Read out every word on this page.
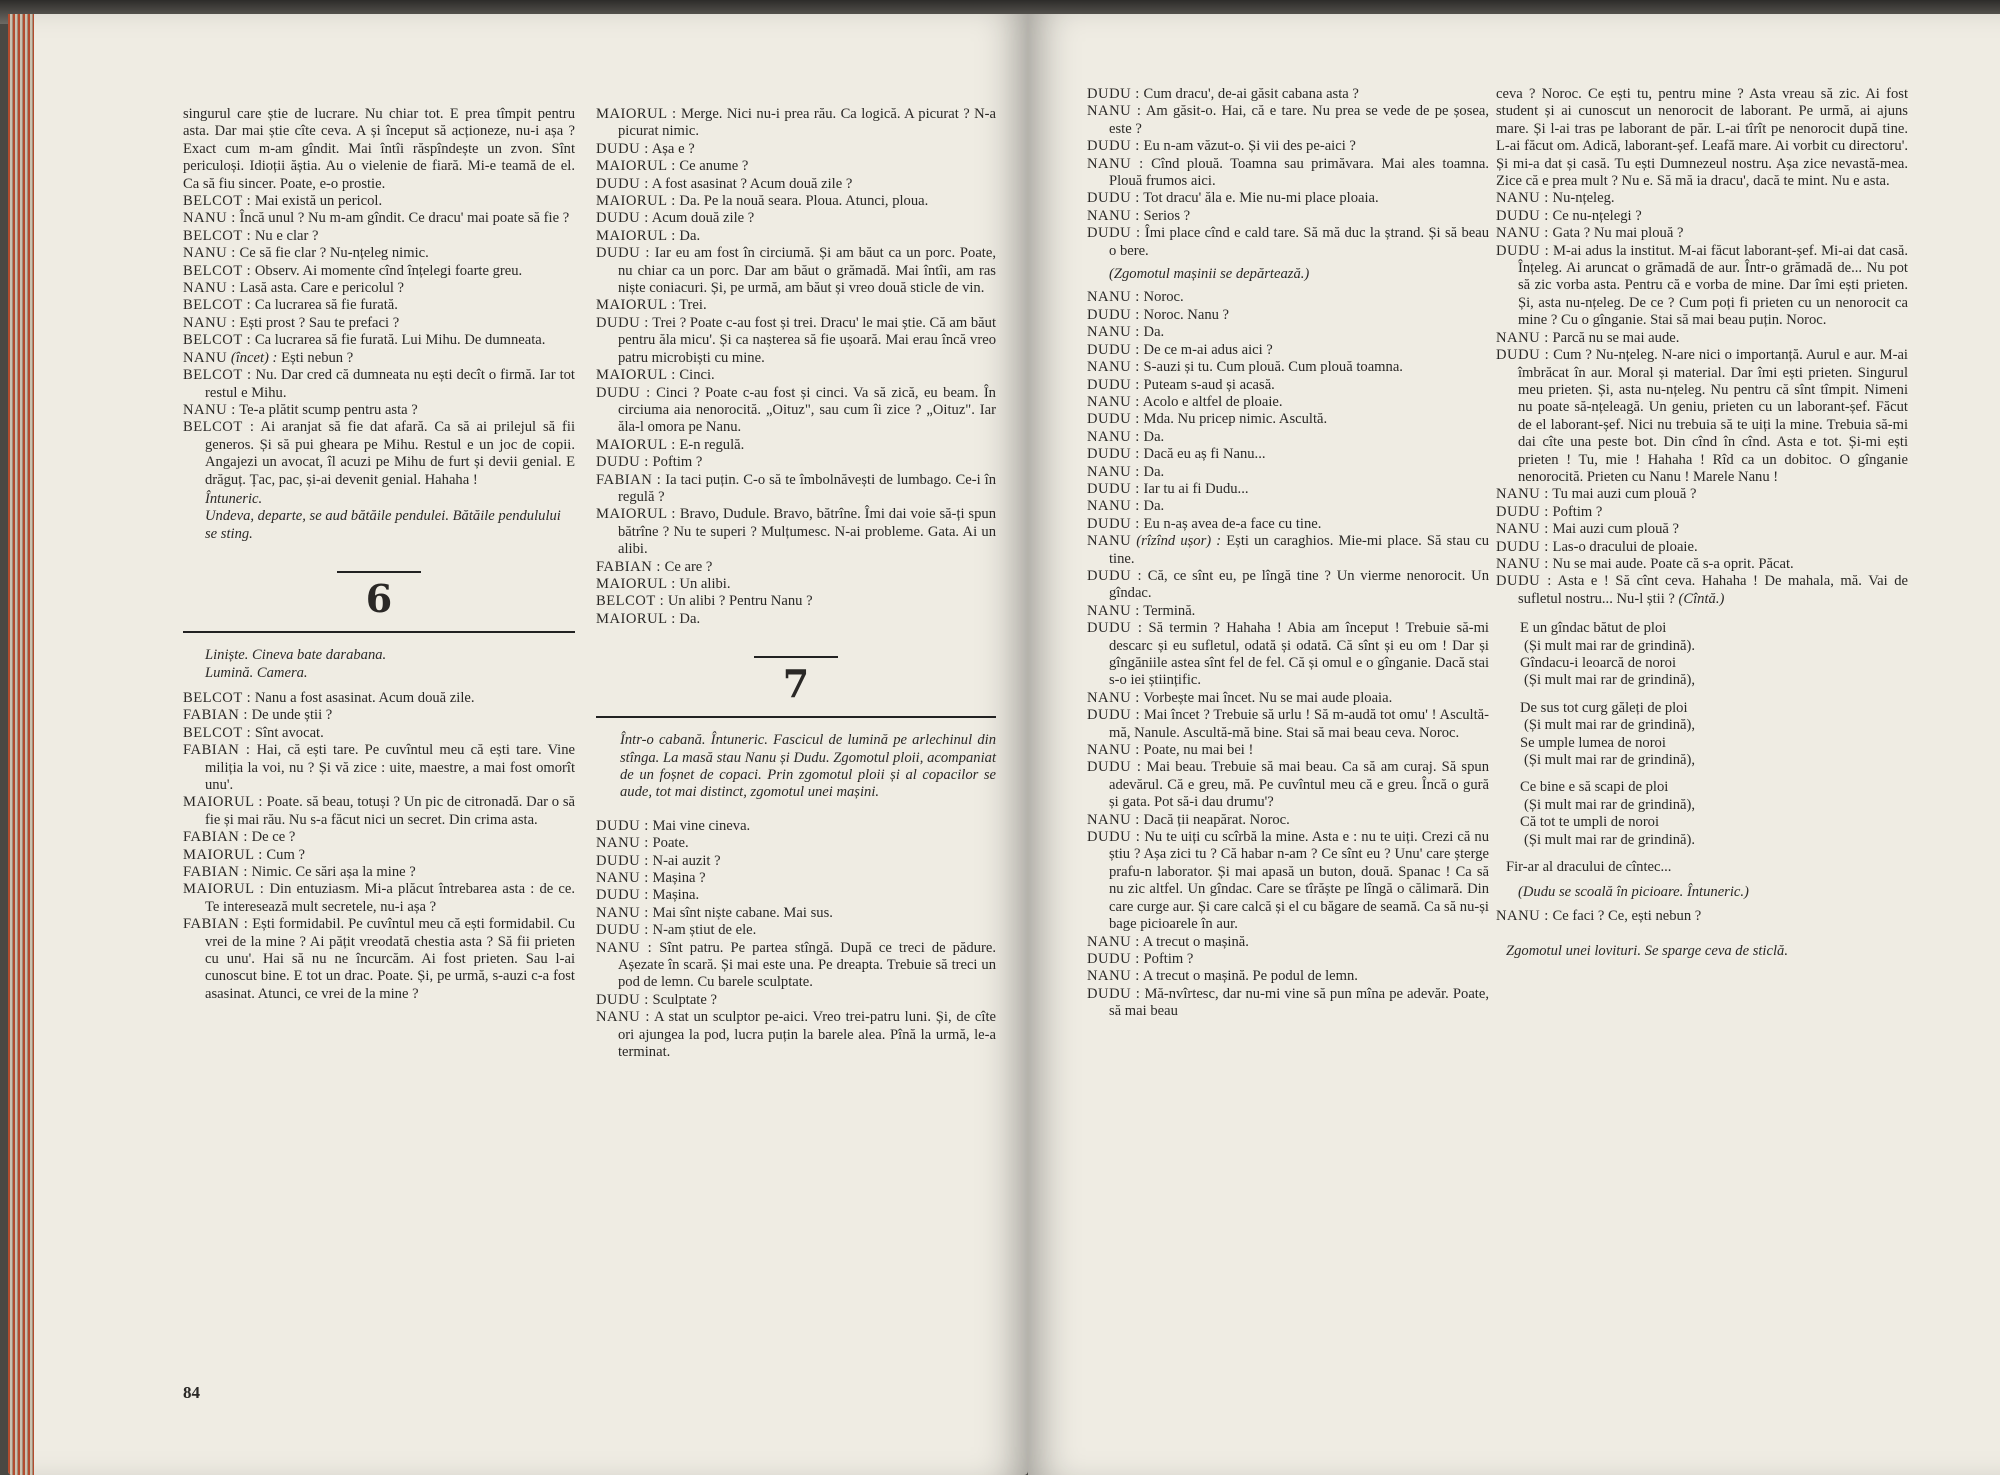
singurul care știe de lucrare. Nu chiar tot. E prea tîmpit pentru asta. Dar mai știe cîte ceva. A și început să acționeze, nu-i așa ? Exact cum m-am gîndit. Mai întîi răspîndește un zvon. Sînt periculoși. Idioții ăștia. Au o vielenie de fiară. Mi-e teamă de el. Ca să fiu sincer. Poate, e-o prostie.

BELCOT : Mai există un pericol.

NANU : Încă unul ? Nu m-am gîndit. Ce dracu' mai poate să fie ?

BELCOT : Nu e clar ?

NANU : Ce să fie clar ? Nu-nțeleg nimic.

BELCOT : Observ. Ai momente cînd înțelegi foarte greu.

NANU : Lasă asta. Care e pericolul ?

BELCOT : Ca lucrarea să fie furată.

NANU : Ești prost ? Sau te prefaci ?

BELCOT : Ca lucrarea să fie furată. Lui Mihu. De dumneata.

NANU (încet) : Ești nebun ?

BELCOT : Nu. Dar cred că dumneata nu ești decît o firmă. Iar tot restul e Mihu.

NANU : Te-a plătit scump pentru asta ?

BELCOT : Ai aranjat să fie dat afară. Ca să ai prilejul să fii generos. Și să pui gheara pe Mihu. Restul e un joc de copii. Angajezi un avocat, îl acuzi pe Mihu de furt și devii genial. E drăguț. Țac, pac, și-ai devenit genial. Hahaha !

Întuneric.

Undeva, departe, se aud bătăile pendulei. Bătăile pendulului se sting.

6

Liniște. Cineva bate darabana.

Lumină. Camera.

BELCOT : Nanu a fost asasinat. Acum două zile.

FABIAN : De unde știi ?

BELCOT : Sînt avocat.

FABIAN : Hai, că ești tare. Pe cuvîntul meu că ești tare. Vine miliția la voi, nu ? Și vă zice : uite, maestre, a mai fost omorît unu'.

MAIORUL : Poate. să beau, totuși ? Un pic de citronadă. Dar o să fie și mai rău. Nu s-a făcut nici un secret. Din crima asta.

FABIAN : De ce ?

MAIORUL : Cum ?

FABIAN : Nimic. Ce sări așa la mine ?

MAIORUL : Din entuziasm. Mi-a plăcut întrebarea asta : de ce. Te interesează mult secretele, nu-i așa ?

FABIAN : Ești formidabil. Pe cuvîntul meu că ești formidabil. Cu vrei de la mine ? Ai pățit vreodată chestia asta ? Să fii prieten cu unu'. Hai să nu ne încurcăm. Ai fost prieten. Sau l-ai cunoscut bine. E tot un drac. Poate. Și, pe urmă, s-auzi c-a fost asasinat. Atunci, ce vrei de la mine ?

MAIORUL : Merge. Nici nu-i prea rău. Ca logică. A picurat ? N-a picurat nimic.

DUDU : Așa e ?

MAIORUL : Ce anume ?

DUDU : A fost asasinat ? Acum două zile ?

MAIORUL : Da. Pe la nouă seara. Ploua. Atunci, ploua.

DUDU : Acum două zile ?

MAIORUL : Da.

DUDU : Iar eu am fost în circiumă. Și am băut ca un porc. Poate, nu chiar ca un porc. Dar am băut o grămadă. Mai întîi, am ras niște coniacuri. Și, pe urmă, am băut și vreo două sticle de vin.

MAIORUL : Trei.

DUDU : Trei ? Poate c-au fost și trei. Dracu' le mai știe. Că am băut pentru ăla micu'. Și ca nașterea să fie ușoară. Mai erau încă vreo patru microbiști cu mine.

MAIORUL : Cinci.

DUDU : Cinci ? Poate c-au fost și cinci. Va să zică, eu beam. În circiuma aia nenorocită. „Oituz", sau cum îi zice ? „Oituz". Iar ăla-l omora pe Nanu.

MAIORUL : E-n regulă.

DUDU : Poftim ?

FABIAN : Ia taci puțin. C-o să te îmbolnăvești de lumbago. Ce-i în regulă ?

MAIORUL : Bravo, Dudule. Bravo, bătrîne. Îmi dai voie să-ți spun bătrîne ? Nu te superi ? Mulțumesc. N-ai probleme. Gata. Ai un alibi.

FABIAN : Ce are ?

MAIORUL : Un alibi.

BELCOT : Un alibi ? Pentru Nanu ?

MAIORUL : Da.

7

Într-o cabană. Întuneric. Fascicul de lumină pe arlechinul din stînga. La masă stau Nanu și Dudu. Zgomotul ploii, acompaniat de un foșnet de copaci. Prin zgomotul ploii și al copacilor se aude, tot mai distinct, zgomotul unei mașini.

DUDU : Mai vine cineva.

NANU : Poate.

DUDU : N-ai auzit ?

NANU : Mașina ?

DUDU : Mașina.

NANU : Mai sînt niște cabane. Mai sus.

DUDU : N-am știut de ele.

NANU : Sînt patru. Pe partea stîngă. După ce treci de pădure. Așezate în scară. Și mai este una. Pe dreapta. Trebuie să treci un pod de lemn. Cu barele sculptate.

DUDU : Sculptate ?

NANU : A stat un sculptor pe-aici. Vreo trei-patru luni. Și, de cîte ori ajungea la pod, lucra puțin la barele alea. Pînă la urmă, le-a terminat.

84

DUDU : Cum dracu', de-ai găsit cabana asta ?

NANU : Am găsit-o. Hai, că e tare. Nu prea se vede de pe șosea, este ?

DUDU : Eu n-am văzut-o. Și vii des pe-aici ?

NANU : Cînd plouă. Toamna sau primăvara. Mai ales toamna. Plouă frumos aici.

DUDU : Tot dracu' ăla e. Mie nu-mi place ploaia.

NANU : Serios ?

DUDU : Îmi place cînd e cald tare. Să mă duc la ștrand. Și să beau o bere.

(Zgomotul mașinii se depărtează.)

NANU : Noroc.

DUDU : Noroc. Nanu ?

NANU : Da.

DUDU : De ce m-ai adus aici ?

NANU : S-auzi și tu. Cum plouă. Cum plouă toamna.

DUDU : Puteam s-aud și acasă.

NANU : Acolo e altfel de ploaie.

DUDU : Mda. Nu pricep nimic. Ascultă.

NANU : Da.

DUDU : Dacă eu aș fi Nanu...

NANU : Da.

DUDU : Iar tu ai fi Dudu...

NANU : Da.

DUDU : Eu n-aș avea de-a face cu tine.

NANU (rîzînd ușor) : Ești un caraghios. Mie-mi place. Să stau cu tine.

DUDU : Că, ce sînt eu, pe lîngă tine ? Un vierme nenorocit. Un gîndac.

NANU : Termină.

DUDU : Să termin ? Hahaha ! Abia am început ! Trebuie să-mi descarc și eu sufletul, odată și odată. Că sînt și eu om ! Dar și gîngăniile astea sînt fel de fel. Că și omul e o gînganie. Dacă stai s-o iei științific.

NANU : Vorbește mai încet. Nu se mai aude ploaia.

DUDU : Mai încet ? Trebuie să urlu ! Să m-audă tot omu' ! Ascultă-mă, Nanule. Ascultă-mă bine. Stai să mai beau ceva. Noroc.

NANU : Poate, nu mai bei !

DUDU : Mai beau. Trebuie să mai beau. Ca să am curaj. Să spun adevărul. Că e greu, mă. Pe cuvîntul meu că e greu. Încă o gură și gata. Pot să-i dau drumu'?

NANU : Dacă ții neapărat. Noroc.

DUDU : Nu te uiți cu scîrbă la mine. Asta e : nu te uiți. Crezi că nu știu ? Așa zici tu ? Că habar n-am ? Ce sînt eu ? Unu' care șterge prafu-n laborator. Și mai apasă un buton, două. Spanac ! Ca să nu zic altfel. Un gîndac. Care se tîrăște pe lîngă o călimară. Din care curge aur. Și care calcă și el cu băgare de seamă. Ca să nu-și bage picioarele în aur.

NANU : A trecut o mașină.

DUDU : Poftim ?

NANU : A trecut o mașină. Pe podul de lemn.

DUDU : Mă-nvîrtesc, dar nu-mi vine să pun mîna pe adevăr. Poate, să mai beau

ceva ? Noroc. Ce ești tu, pentru mine ? Asta vreau să zic. Ai fost student și ai cunoscut un nenorocit de laborant. Pe urmă, ai ajuns mare. Și l-ai tras pe laborant de păr. L-ai tîrît pe nenorocit după tine. L-ai făcut om. Adică, laborant-șef. Leafă mare. Ai vorbit cu directoru'. Și mi-a dat și casă. Tu ești Dumnezeul nostru. Așa zice nevastă-mea. Zice că e prea mult ? Nu e. Să mă ia dracu', dacă te mint. Nu e asta.

NANU : Nu-nțeleg.

DUDU : Ce nu-nțelegi ?

NANU : Gata ? Nu mai plouă ?

DUDU : M-ai adus la institut. M-ai făcut laborant-șef. Mi-ai dat casă. Înțeleg. Ai aruncat o grămadă de aur. Într-o grămadă de... Nu pot să zic vorba asta. Pentru că e vorba de mine. Dar îmi ești prieten. Și, asta nu-nțeleg. De ce ? Cum poți fi prieten cu un nenorocit ca mine ? Cu o gînganie. Stai să mai beau puțin. Noroc.

NANU : Parcă nu se mai aude.

DUDU : Cum ? Nu-nțeleg. N-are nici o importanță. Aurul e aur. M-ai îmbrăcat în aur. Moral și material. Dar îmi ești prieten. Singurul meu prieten. Și, asta nu-nțeleg. Nu pentru că sînt tîmpit. Nimeni nu poate să-nțeleagă. Un geniu, prieten cu un laborant-șef. Făcut de el laborant-șef. Nici nu trebuia să te uiți la mine. Trebuia să-mi dai cîte una peste bot. Din cînd în cînd. Asta e tot. Și-mi ești prieten ! Tu, mie ! Hahaha ! Rîd ca un dobitoc. O gînganie nenorocită. Prieten cu Nanu ! Marele Nanu !

NANU : Tu mai auzi cum plouă ?

DUDU : Poftim ?

NANU : Mai auzi cum plouă ?

DUDU : Las-o dracului de ploaie.

NANU : Nu se mai aude. Poate că s-a oprit. Păcat.

DUDU : Asta e ! Să cînt ceva. Hahaha ! De mahala, mă. Vai de sufletul nostru... Nu-l știi ? (Cîntă.)

E un gîndac bătut de ploi

(Și mult mai rar de grindină).

Gîndacu-i leoarcă de noroi

(Și mult mai rar de grindină),

De sus tot curg găleți de ploi

(Și mult mai rar de grindină),

Se umple lumea de noroi

(Și mult mai rar de grindină),

Ce bine e să scapi de ploi

(Și mult mai rar de grindină),

Că tot te umpli de noroi

(Și mult mai rar de grindină).

Fir-ar al dracului de cîntec...

(Dudu se scoală în picioare. Întuneric.)

NANU : Ce faci ? Ce, ești nebun ?

Zgomotul unei lovituri. Se sparge ceva de sticlă.
